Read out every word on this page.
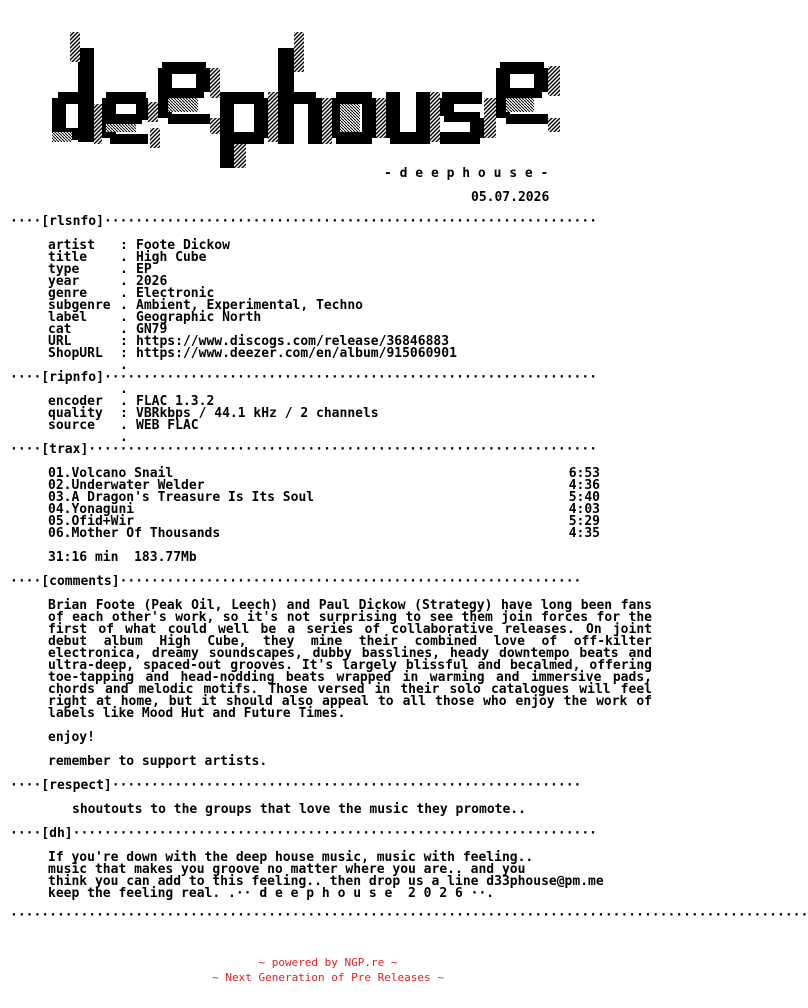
- d e e p h o u s e -
05.07.2026
····[rlsnfo]·······························································
artist : Foote Dickow
title	. High Cube
type	. EP
year	. 2026
genre	. Electronic
subgenre . Ambient, Experimental, Techno
label	. Geographic North
cat	. GN79
URL	: https://www.discogs.com/release/36846883
ShopURL : https://www.deezer.com/en/album/915060901
.
····[ripnfo]·······························································
.
encoder . FLAC 1.3.2
quality : VBRkbps / 44.1 kHz / 2 channels
source . WEB FLAC
.
····[trax]·································································
01.Volcano Snail	6:53
02.Underwater Welder	4:36
03.A Dragon's Treasure Is Its Soul	5:40
04.Yonaguni	4:03
05.Ofid+Wir	5:29
06.Mother Of Thousands	4:35
31:16 min  183.77Mb
····[comments]···························································
Brian Foote (Peak Oil, Leech) and Paul Dickow (Strategy) have long been fans of each other's work, so it's not surprising to see them join forces for the first of what could well be a series of collaborative releases. On joint debut album High Cube, they mine their combined love of off-kilter electronica, dreamy soundscapes, dubby basslines, heady downtempo beats and ultra-deep, spaced-out grooves. It's largely blissful and becalmed, offering toe-tapping and head-nodding beats wrapped in warming and immersive pads, chords and melodic motifs. Those versed in their solo catalogues will feel right at home, but it should also appeal to all those who enjoy the work of labels like Mood Hut and Future Times.
enjoy!
remember to support artists.
····[respect]····························································
shoutouts to the groups that love the music they promote..
····[dh]···································································
If you're down with the deep house music, music with feeling..
music that makes you groove no matter where you are.. and you
think you can add to this feeling.. then drop us a line d33phouse@pm.me
keep the feeling real. .·· d e e p h o u s e  2 0 2 6 ··.
······································································································
~ powered by NGP.re ~
~ Next Generation of Pre Releases ~
